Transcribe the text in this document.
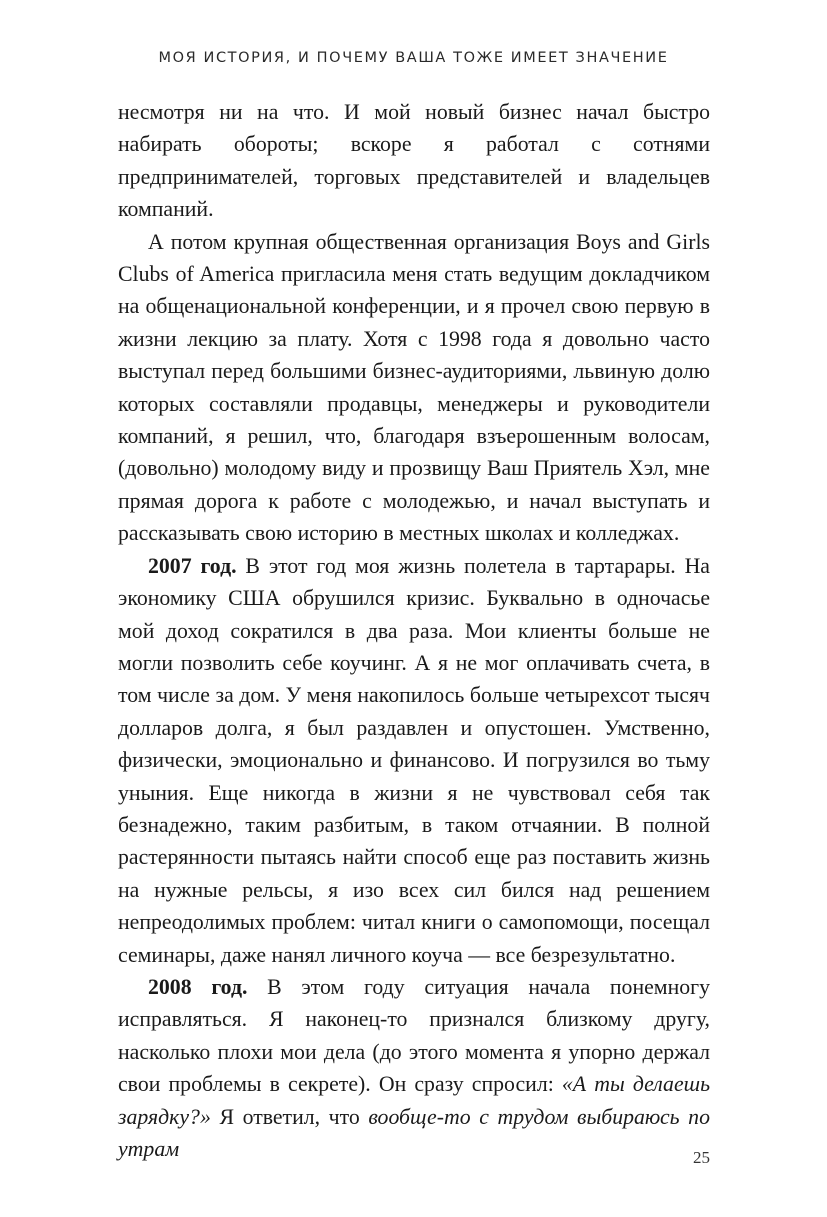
МОЯ ИСТОРИЯ, И ПОЧЕМУ ВАША ТОЖЕ ИМЕЕТ ЗНАЧЕНИЕ

несмотря ни на что. И мой новый бизнес начал быстро набирать обороты; вскоре я работал с сотнями предпринимателей, торговых представителей и владельцев компаний.

А потом крупная общественная организация Boys and Girls Clubs of America пригласила меня стать ведущим докладчиком на общенациональной конференции, и я прочел свою первую в жизни лекцию за плату. Хотя с 1998 года я довольно часто выступал перед большими бизнес-аудиториями, львиную долю которых составляли продавцы, менеджеры и руководители компаний, я решил, что, благодаря взъерошенным волосам, (довольно) молодому виду и прозвищу Ваш Приятель Хэл, мне прямая дорога к работе с молодежью, и начал выступать и рассказывать свою историю в местных школах и колледжах.

2007 год. В этот год моя жизнь полетела в тартарары. На экономику США обрушился кризис. Буквально в одночасье мой доход сократился в два раза. Мои клиенты больше не могли позволить себе коучинг. А я не мог оплачивать счета, в том числе за дом. У меня накопилось больше четырехсот тысяч долларов долга, я был раздавлен и опустошен. Умственно, физически, эмоционально и финансово. И погрузился во тьму уныния. Еще никогда в жизни я не чувствовал себя так безнадежно, таким разбитым, в таком отчаянии. В полной растерянности пытаясь найти способ еще раз поставить жизнь на нужные рельсы, я изо всех сил бился над решением непреодолимых проблем: читал книги о самопомощи, посещал семинары, даже нанял личного коуча — все безрезультатно.

2008 год. В этом году ситуация начала понемногу исправляться. Я наконец-то признался близкому другу, насколько плохи мои дела (до этого момента я упорно держал свои проблемы в секрете). Он сразу спросил: «А ты делаешь зарядку?» Я ответил, что вообще-то с трудом выбираюсь по утрам	25
